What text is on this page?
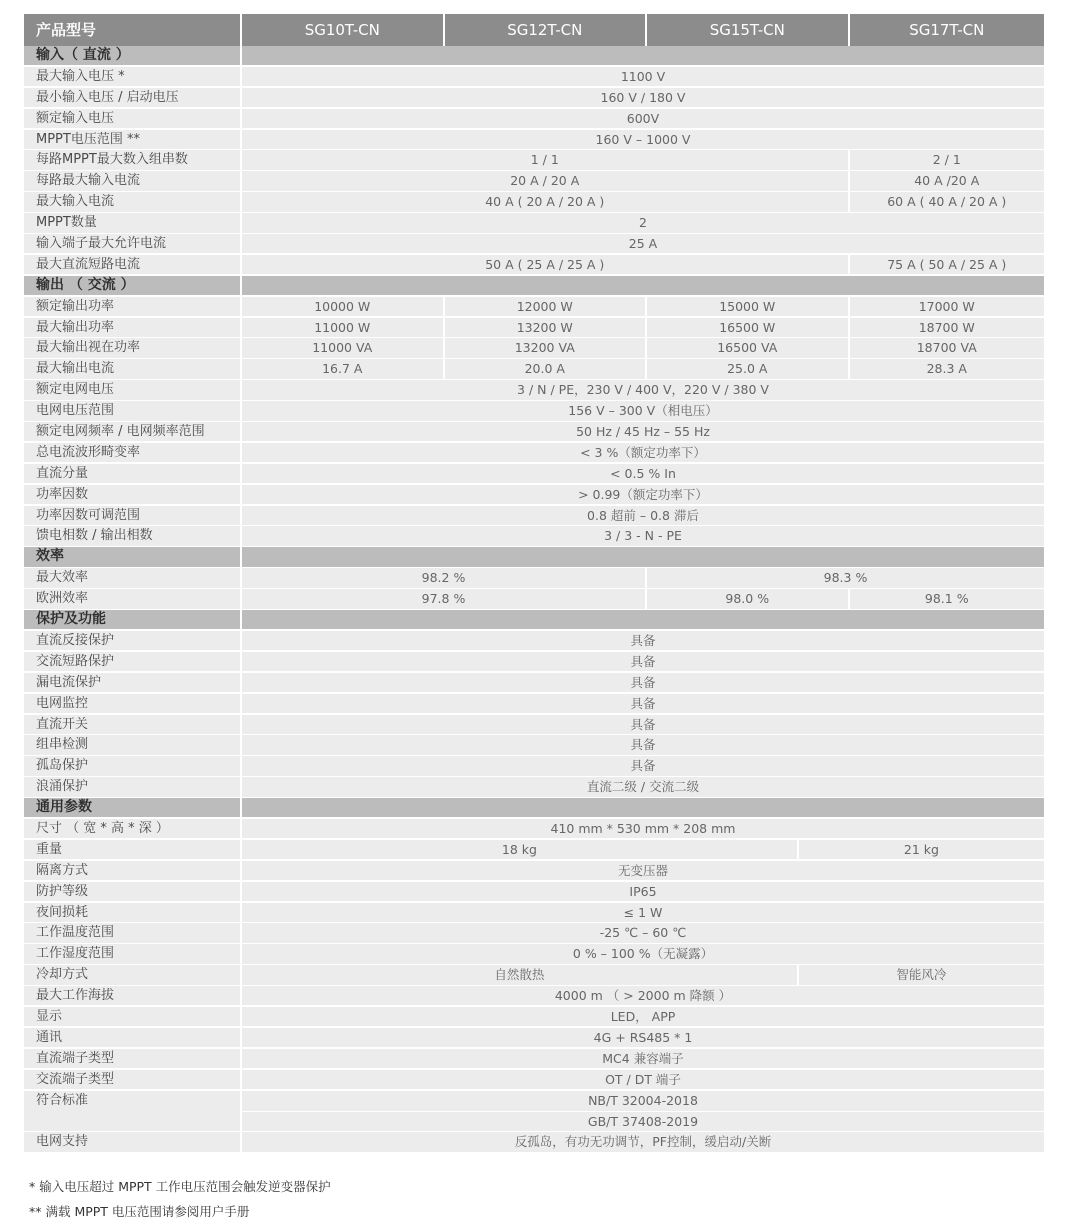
产品型号	SG10T-CN	SG12T-CN	SG15T-CN	SG17T-CN
输入（ 直流 ）
最大输入电压 *	1100 V
最小输入电压 / 启动电压	160 V / 180 V
额定输入电压	600V
MPPT电压范围 **	160 V – 1000 V
每路MPPT最大数入组串数	1 / 1	2 / 1
每路最大输入电流	20 A / 20 A	40 A /20 A
最大输入电流	40 A ( 20 A / 20 A )	60 A ( 40 A / 20 A )
MPPT数量	2
输入端子最大允许电流	25 A
最大直流短路电流	50 A ( 25 A / 25 A )	75 A ( 50 A / 25 A )
输出 （ 交流 ）
额定输出功率	10000 W	12000 W	15000 W	17000 W
最大输出功率	11000 W	13200 W	16500 W	18700 W
最大输出视在功率	11000 VA	13200 VA	16500 VA	18700 VA
最大输出电流	16.7 A	20.0 A	25.0 A	28.3 A
额定电网电压	3 / N / PE，230 V / 400 V，220 V / 380 V
电网电压范围	156 V – 300 V（相电压）
额定电网频率 / 电网频率范围	50 Hz / 45 Hz – 55 Hz
总电流波形畸变率	< 3 %（额定功率下）
直流分量	< 0.5 % In
功率因数	> 0.99（额定功率下）
功率因数可调范围	0.8 超前 – 0.8 滞后
馈电相数 / 输出相数	3 / 3 - N - PE
效率
最大效率	98.2 %	98.3 %
欧洲效率	97.8 %	98.0 %	98.1 %
保护及功能
直流反接保护	具备
交流短路保护	具备
漏电流保护	具备
电网监控	具备
直流开关	具备
组串检测	具备
孤岛保护	具备
浪涌保护	直流二级 / 交流二级
通用参数
尺寸 （ 宽 * 高 * 深 ）	410 mm * 530 mm * 208 mm
重量	18 kg	21 kg
隔离方式	无变压器
防护等级	IP65
夜间损耗	≤ 1 W
工作温度范围	-25 ℃ – 60 ℃
工作湿度范围	0 % – 100 %（无凝露）
冷却方式	自然散热	智能风冷
最大工作海拔	4000 m （ > 2000 m 降额 ）
显示	LED， APP
通讯	4G + RS485 * 1
直流端子类型	MC4 兼容端子
交流端子类型	OT / DT 端子
符合标准	NB/T 32004-2018
GB/T 37408-2019
电网支持	反孤岛，有功无功调节，PF控制，缓启动/关断
* 输入电压超过 MPPT 工作电压范围会触发逆变器保护
** 满载 MPPT 电压范围请参阅用户手册
